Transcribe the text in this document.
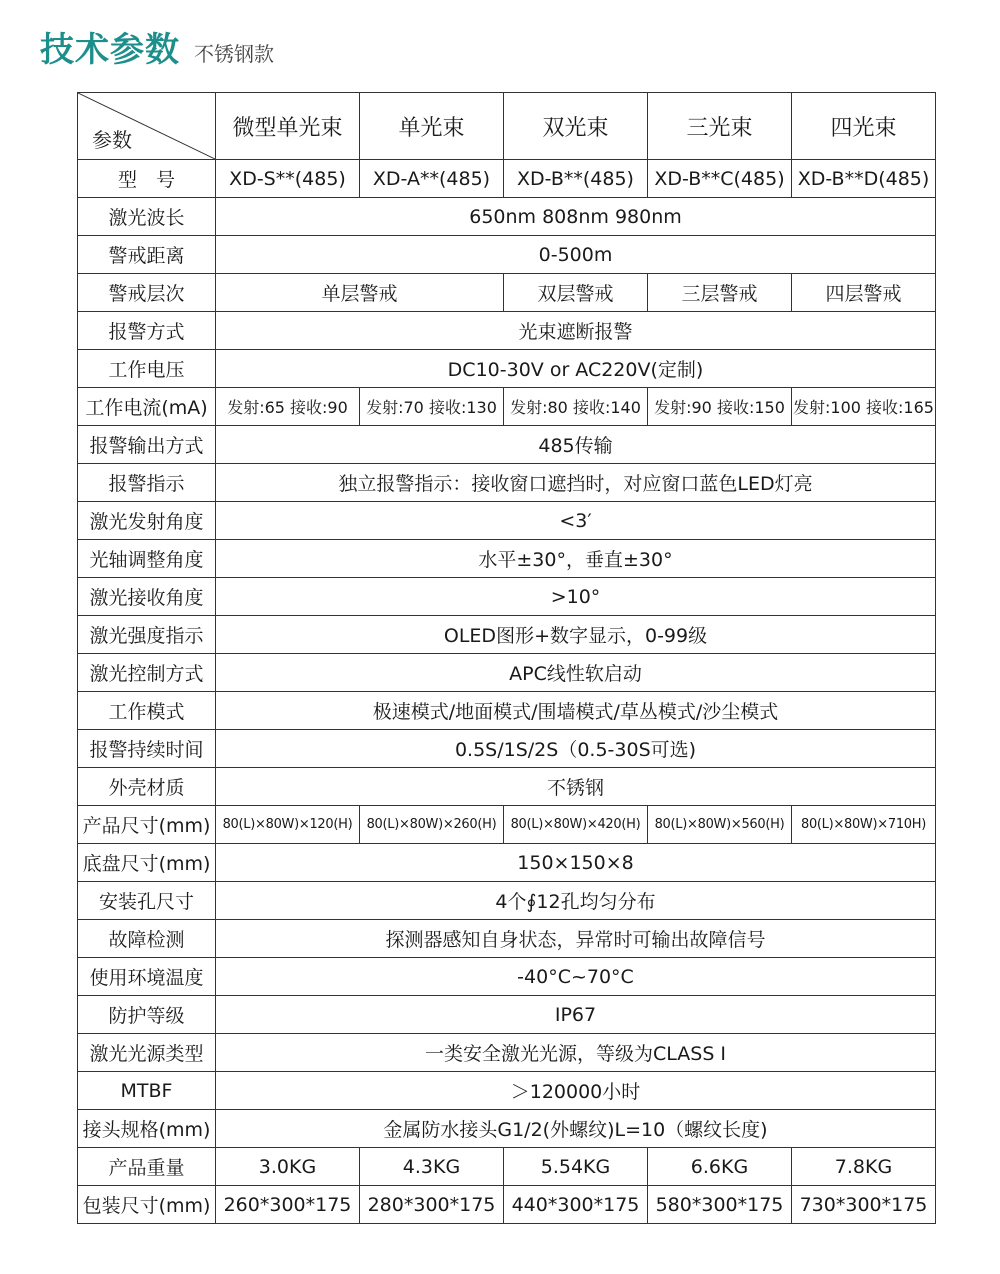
技术参数 不锈钢款
参数	微型单光束	单光束	双光束	三光束	四光束
型　号	XD-S**(485)	XD-A**(485)	XD-B**(485)	XD-B**C(485)	XD-B**D(485)
激光波长	650nm 808nm 980nm				
警戒距离	0-500m				
警戒层次	单层警戒		双层警戒	三层警戒	四层警戒
报警方式	光束遮断报警				
工作电压	DC10-30V or AC220V(定制)				
工作电流(mA)	发射:65 接收:90	发射:70 接收:130	发射:80 接收:140	发射:90 接收:150	发射:100 接收:165
报警输出方式	485传输				
报警指示	独立报警指示：接收窗口遮挡时，对应窗口蓝色LED灯亮				
激光发射角度	<3′				
光轴调整角度	水平±30°，垂直±30°				
激光接收角度	>10°				
激光强度指示	OLED图形+数字显示，0-99级				
激光控制方式	APC线性软启动				
工作模式	极速模式/地面模式/围墙模式/草丛模式/沙尘模式				
报警持续时间	0.5S/1S/2S（0.5-30S可选)				
外壳材质	不锈钢				
产品尺寸(mm)	80(L)×80W)×120(H)	80(L)×80W)×260(H)	80(L)×80W)×420(H)	80(L)×80W)×560(H)	80(L)×80W)×710H)
底盘尺寸(mm)	150×150×8				
安装孔尺寸	4个∮12孔均匀分布				
故障检测	探测器感知自身状态，异常时可输出故障信号				
使用环境温度	-40°C~70°C				
防护等级	IP67				
激光光源类型	一类安全激光光源，等级为CLASS Ⅰ				
MTBF	＞120000小时				
接头规格(mm)	金属防水接头G1/2(外螺纹)L=10（螺纹长度)				
产品重量	3.0KG	4.3KG	5.54KG	6.6KG	7.8KG
包装尺寸(mm)	260*300*175	280*300*175	440*300*175	580*300*175	730*300*175
